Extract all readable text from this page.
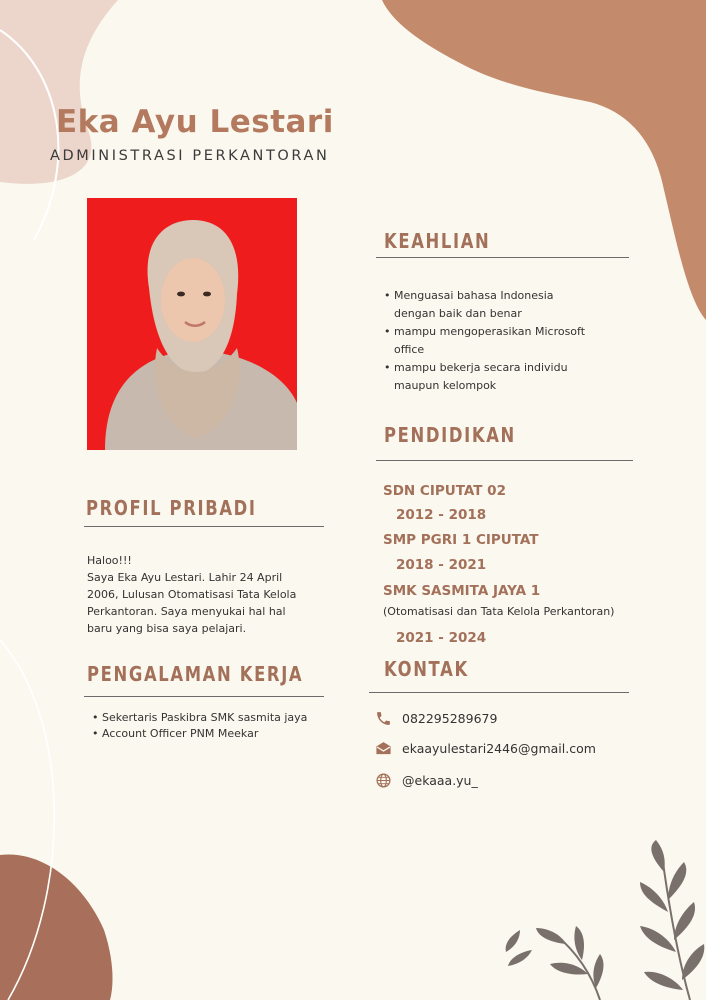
Eka Ayu Lestari
ADMINISTRASI PERKANTORAN
KEAHLIAN
• Menguasai bahasa Indonesia
dengan baik dan benar
• mampu mengoperasikan Microsoft
office
• mampu bekerja secara individu
maupun kelompok
PENDIDIKAN
SDN CIPUTAT 02
2012 - 2018
SMP PGRI 1 CIPUTAT
2018 - 2021
SMK SASMITA JAYA 1
(Otomatisasi dan Tata Kelola Perkantoran)
2021 - 2024
PROFIL PRIBADI
Haloo!!!
Saya Eka Ayu Lestari. Lahir 24 April
2006, Lulusan Otomatisasi Tata Kelola
Perkantoran. Saya menyukai hal hal
baru yang bisa saya pelajari.
PENGALAMAN KERJA
• Sekertaris Paskibra SMK sasmita jaya
• Account Officer PNM Meekar
KONTAK
082295289679
ekaayulestari2446@gmail.com
@ekaaa.yu_
